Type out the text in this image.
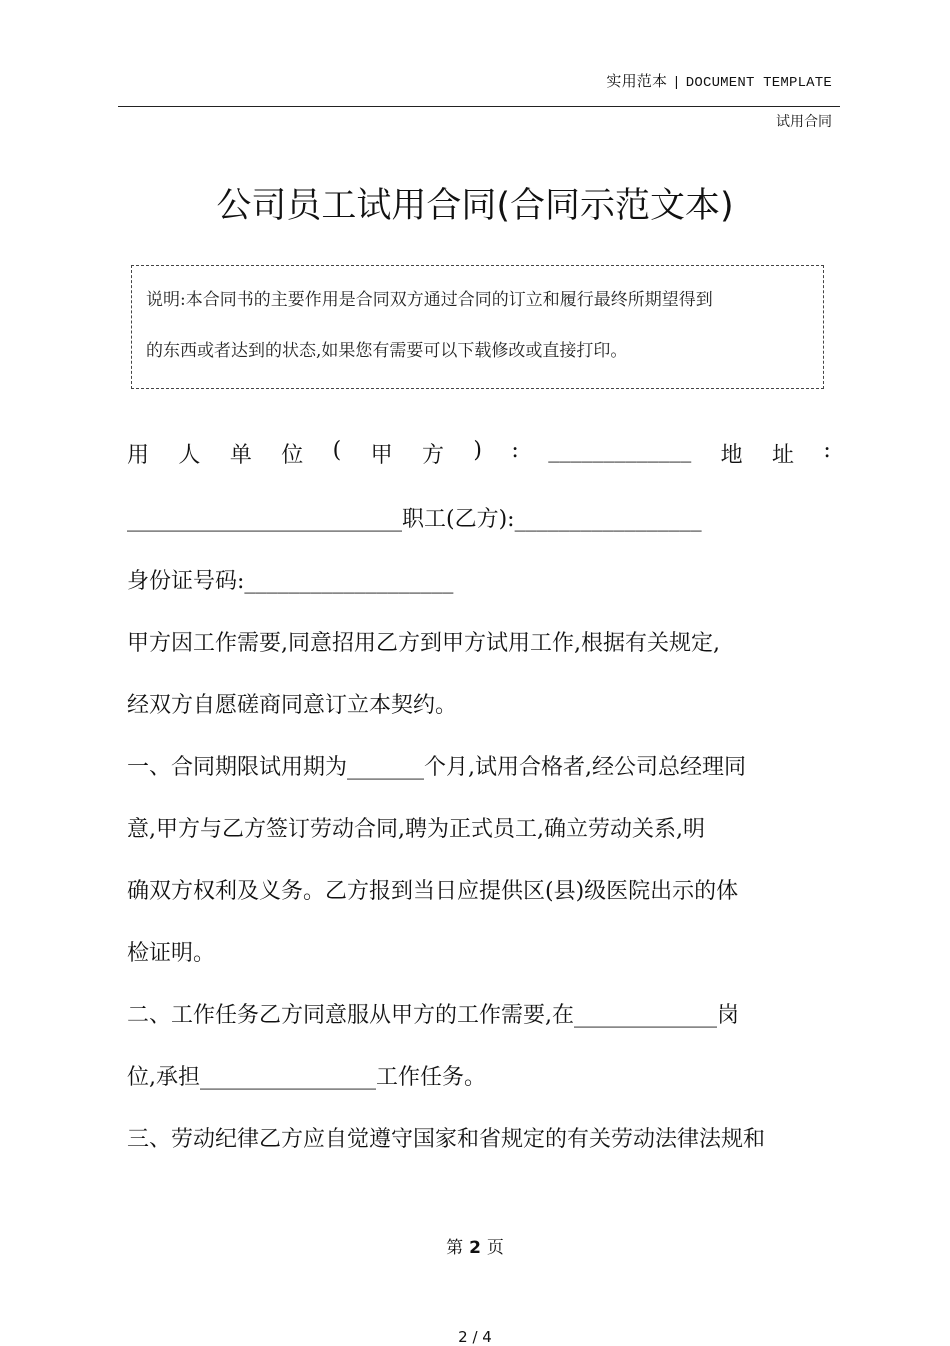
实用范本 | DOCUMENT TEMPLATE
试用合同
公司员工试用合同(合同示范文本)
说明:本合同书的主要作用是合同双方通过合同的订立和履行最终所期望得到
的东西或者达到的状态,如果您有需要可以下载修改或直接打印。
用 人 单 位 ( 甲 方 ) : _____________ 地 址 :
_________________________职工(乙方):_________________
身份证号码:___________________
甲方因工作需要,同意招用乙方到甲方试用工作,根据有关规定,
经双方自愿磋商同意订立本契约。
一、合同期限试用期为_______个月,试用合格者,经公司总经理同
意,甲方与乙方签订劳动合同,聘为正式员工,确立劳动关系,明
确双方权利及义务。乙方报到当日应提供区(县)级医院出示的体
检证明。
二、工作任务乙方同意服从甲方的工作需要,在_____________岗
位,承担________________工作任务。
三、劳动纪律乙方应自觉遵守国家和省规定的有关劳动法律法规和
第 2 页
2 / 4
